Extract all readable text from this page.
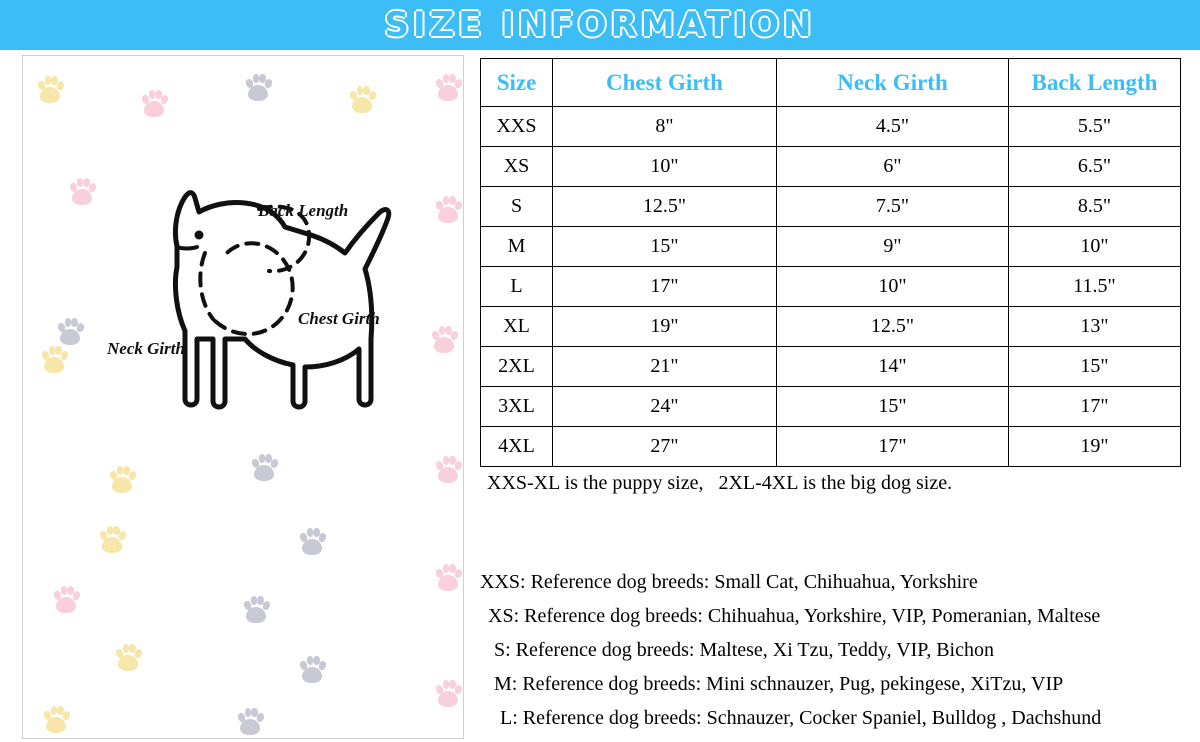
SIZE INFORMATION
Back Length
Chest Girth
Neck Girth
Size	Chest Girth	Neck Girth	Back Length
XXS	8"	4.5"	5.5"
XS	10"	6"	6.5"
S	12.5"	7.5"	8.5"
M	15"	9"	10"
L	17"	10"	11.5"
XL	19"	12.5"	13"
2XL	21"	14"	15"
3XL	24"	15"	17"
4XL	27"	17"	19"
XXS-XL is the puppy size,   2XL-4XL is the big dog size.
XXS: Reference dog breeds: Small Cat, Chihuahua, Yorkshire
XS: Reference dog breeds: Chihuahua, Yorkshire, VIP, Pomeranian, Maltese
S: Reference dog breeds: Maltese, Xi Tzu, Teddy, VIP, Bichon
M: Reference dog breeds: Mini schnauzer, Pug, pekingese, XiTzu, VIP
L: Reference dog breeds: Schnauzer, Cocker Spaniel, Bulldog , Dachshund
